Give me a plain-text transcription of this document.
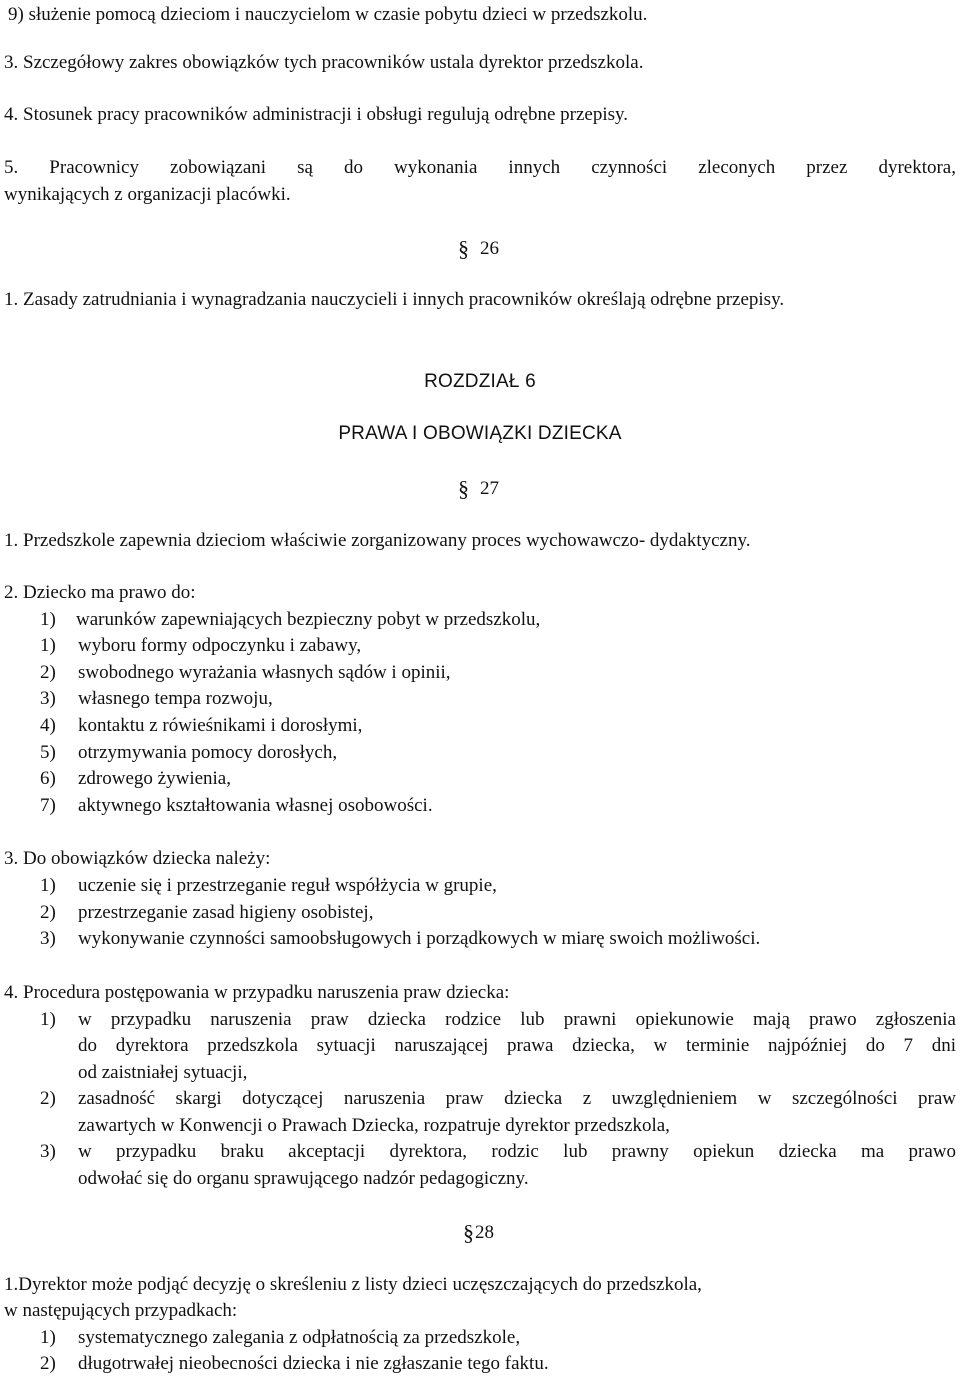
9) służenie pomocą dzieciom i nauczycielom w czasie pobytu dzieci w przedszkolu.
3. Szczegółowy zakres obowiązków tych pracowników ustala dyrektor przedszkola.
4. Stosunek pracy pracowników administracji i obsługi regulują odrębne przepisy.
5. Pracownicy zobowiązani są do wykonania innych czynności zleconych przez dyrektora,
wynikających z organizacji placówki.
§ 26
1. Zasady zatrudniania i wynagradzania nauczycieli i innych pracowników określają odrębne przepisy.
ROZDZIAŁ 6
PRAWA I OBOWIĄZKI DZIECKA
§ 27
1. Przedszkole zapewnia dzieciom właściwie zorganizowany proces wychowawczo- dydaktyczny.
2. Dziecko ma prawo do:
1) warunków zapewniających bezpieczny pobyt w przedszkolu,
1) wyboru formy odpoczynku i zabawy,
2) swobodnego wyrażania własnych sądów i opinii,
3) własnego tempa rozwoju,
4) kontaktu z rówieśnikami i dorosłymi,
5) otrzymywania pomocy dorosłych,
6) zdrowego żywienia,
7) aktywnego kształtowania własnej osobowości.
3. Do obowiązków dziecka należy:
1) uczenie się i przestrzeganie reguł współżycia w grupie,
2) przestrzeganie zasad higieny osobistej,
3) wykonywanie czynności samoobsługowych i porządkowych w miarę swoich możliwości.
4. Procedura postępowania w przypadku naruszenia praw dziecka:
1) w przypadku naruszenia praw dziecka rodzice lub prawni opiekunowie mają prawo zgłoszenia
do dyrektora przedszkola sytuacji naruszającej prawa dziecka, w terminie najpóźniej do 7 dni
od zaistniałej sytuacji,
2) zasadność skargi dotyczącej naruszenia praw dziecka z uwzględnieniem w szczególności praw
zawartych w Konwencji o Prawach Dziecka, rozpatruje dyrektor przedszkola,
3) w przypadku braku akceptacji dyrektora, rodzic lub prawny opiekun dziecka ma prawo
odwołać się do organu sprawującego nadzór pedagogiczny.
§ 28
1.Dyrektor może podjąć decyzję o skreśleniu z listy dzieci uczęszczających do przedszkola,
w następujących przypadkach:
1) systematycznego zalegania z odpłatnością za przedszkole,
2) długotrwałej nieobecności dziecka i nie zgłaszanie tego faktu.
